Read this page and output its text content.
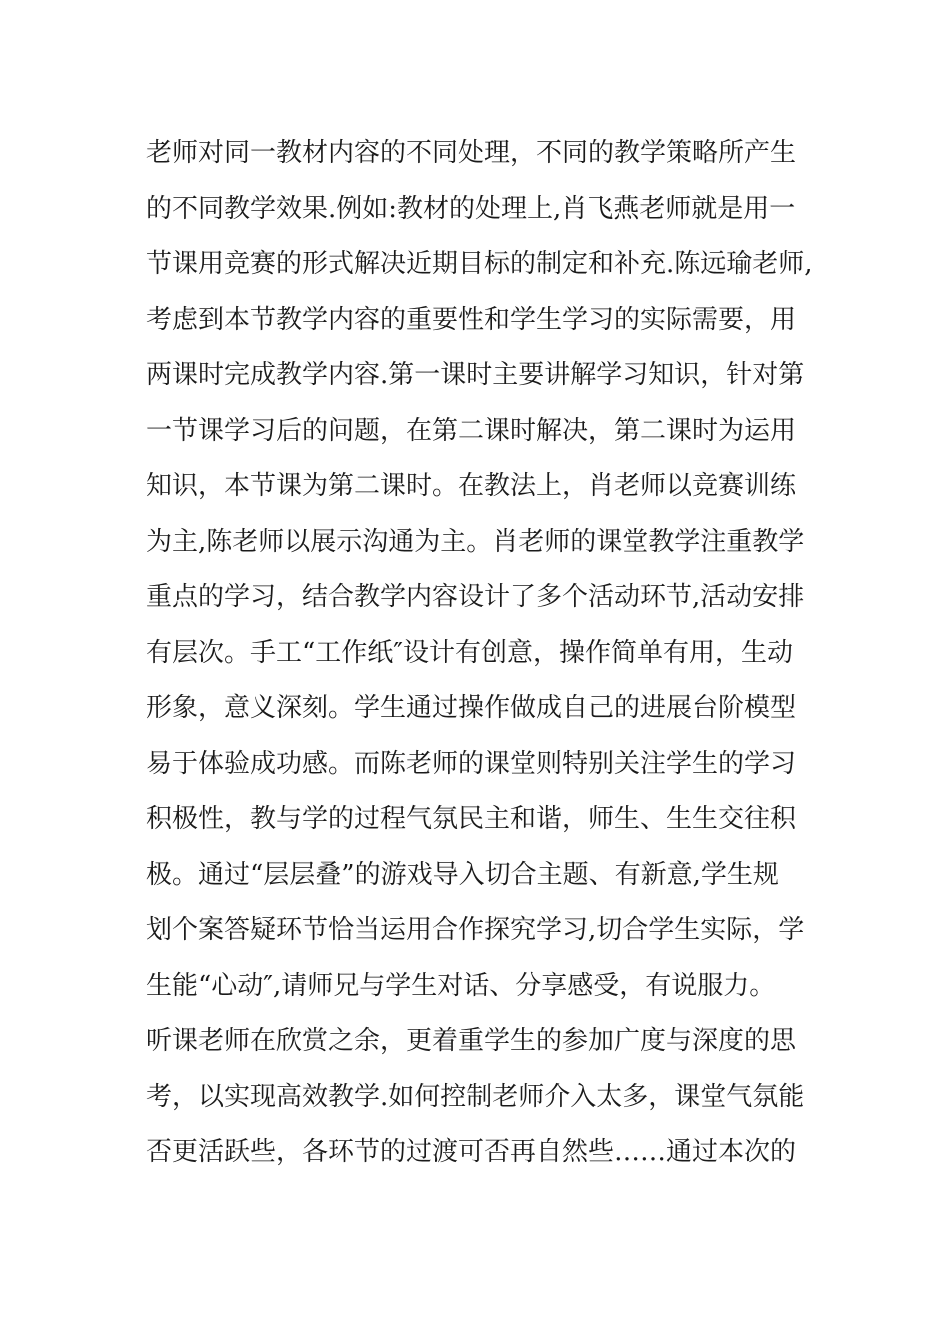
老师对同一教材内容的不同处理，不同的教学策略所产生
的不同教学效果.例如:教材的处理上,肖飞燕老师就是用一
节课用竞赛的形式解决近期目标的制定和补充.陈远瑜老师,
考虑到本节教学内容的重要性和学生学习的实际需要，用
两课时完成教学内容.第一课时主要讲解学习知识，针对第
一节课学习后的问题，在第二课时解决，第二课时为运用
知识，本节课为第二课时。在教法上，肖老师以竞赛训练
为主,陈老师以展示沟通为主。肖老师的课堂教学注重教学
重点的学习，结合教学内容设计了多个活动环节,活动安排
有层次。手工“工作纸″设计有创意，操作简单有用，生动
形象，意义深刻。学生通过操作做成自己的进展台阶模型
易于体验成功感。而陈老师的课堂则特别关注学生的学习
积极性，教与学的过程气氛民主和谐，师生、生生交往积
极。通过“层层叠”的游戏导入切合主题、有新意,学生规
划个案答疑环节恰当运用合作探究学习,切合学生实际，学
生能“心动″,请师兄与学生对话、分享感受，有说服力。
听课老师在欣赏之余，更着重学生的参加广度与深度的思
考，以实现高效教学.如何控制老师介入太多，课堂气氛能
否更活跃些，各环节的过渡可否再自然些……通过本次的
